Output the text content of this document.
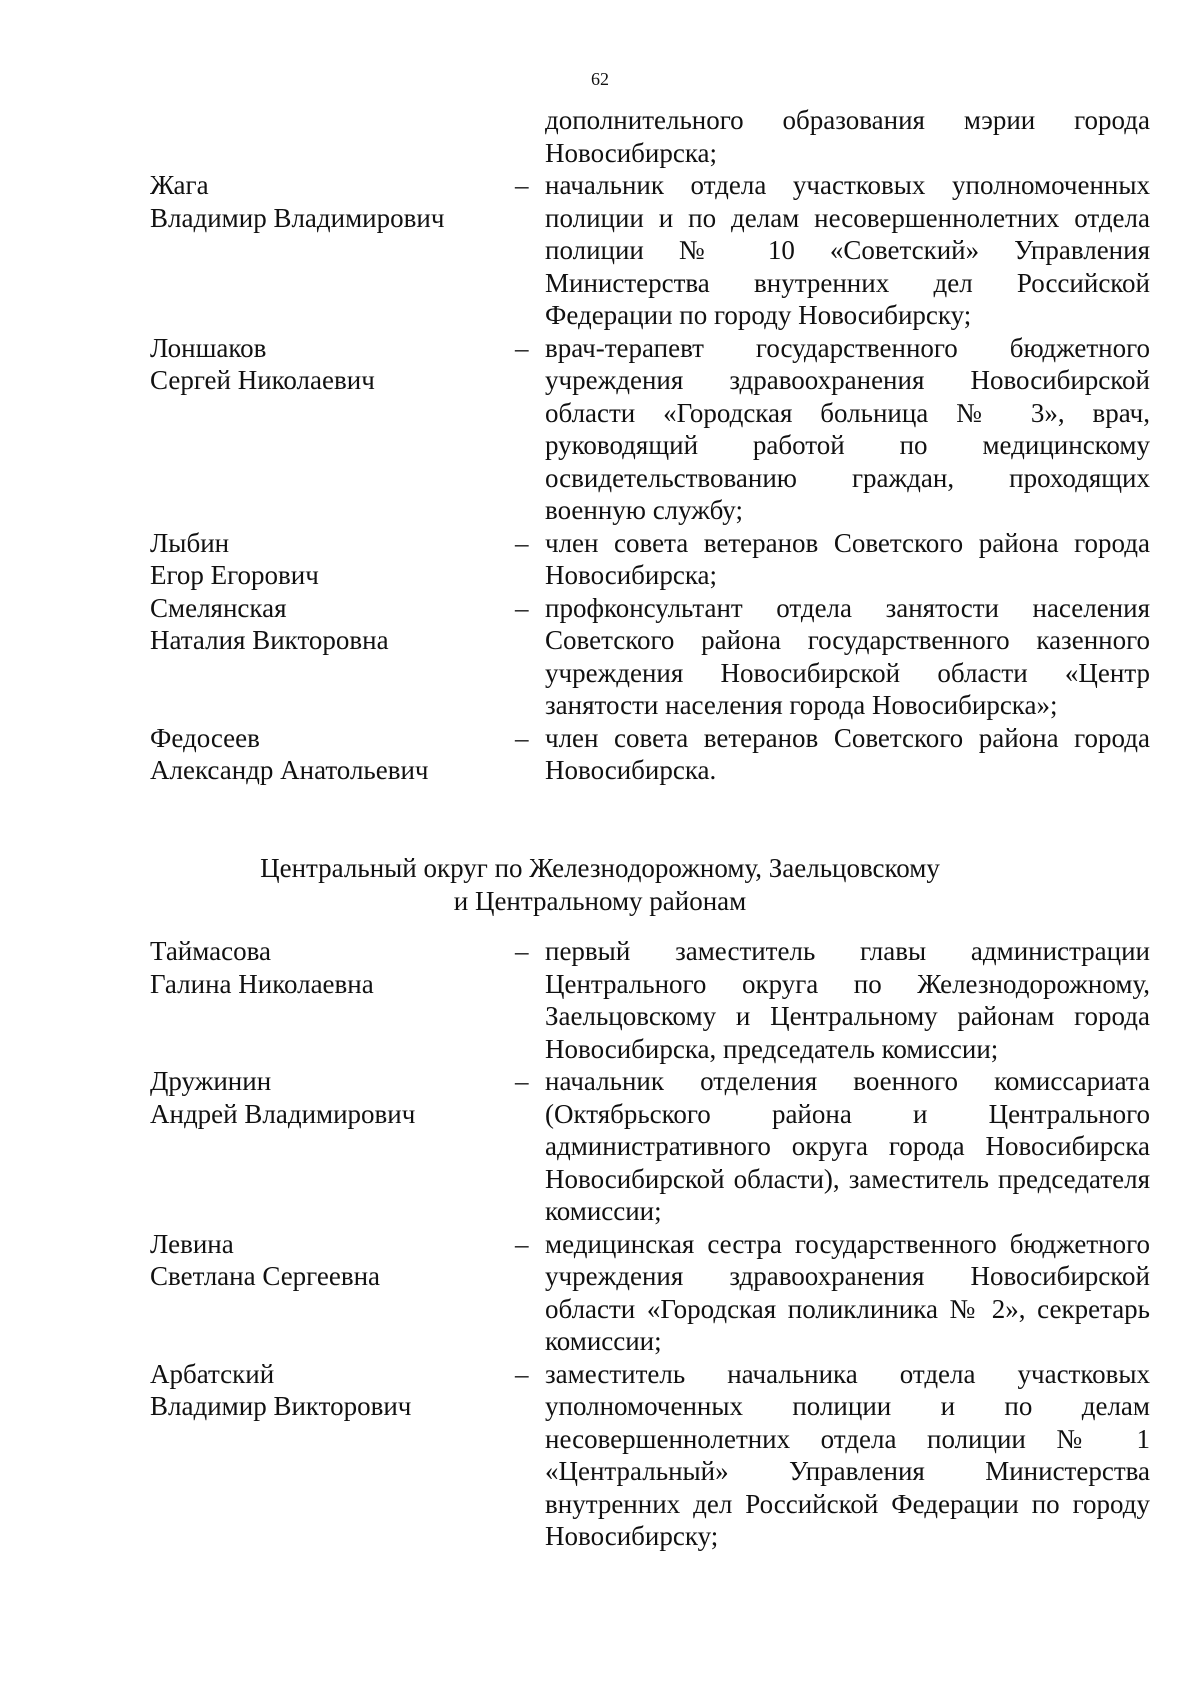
62
дополнительного образования мэрии города Новосибирска;
Жага
Владимир Владимирович
– начальник отдела участковых уполномоченных полиции и по делам несовершеннолетних отдела полиции № 10 «Советский» Управления Министерства внутренних дел Российской Федерации по городу Новосибирску;
Лоншаков
Сергей Николаевич
– врач-терапевт государственного бюджетного учреждения здравоохранения Новосибирской области «Городская больница № 3», врач, руководящий работой по медицинскому освидетельствованию граждан, проходящих военную службу;
Лыбин
Егор Егорович
– член совета ветеранов Советского района города Новосибирска;
Смелянская
Наталия Викторовна
– профконсультант отдела занятости населения Советского района государственного казенного учреждения Новосибирской области «Центр занятости населения города Новосибирска»;
Федосеев
Александр Анатольевич
– член совета ветеранов Советского района города Новосибирска.
Центральный округ по Железнодорожному, Заельцовскому
и Центральному районам
Таймасова
Галина Николаевна
– первый заместитель главы администрации Центрального округа по Железнодорожному, Заельцовскому и Центральному районам города Новосибирска, председатель комиссии;
Дружинин
Андрей Владимирович
– начальник отделения военного комиссариата (Октябрьского района и Центрального административного округа города Новосибирска Новосибирской области), заместитель председателя комиссии;
Левина
Светлана Сергеевна
– медицинская сестра государственного бюджетного учреждения здравоохранения Новосибирской области «Городская поликлиника № 2», секретарь комиссии;
Арбатский
Владимир Викторович
– заместитель начальника отдела участковых уполномоченных полиции и по делам несовершеннолетних отдела полиции № 1 «Центральный» Управления Министерства внутренних дел Российской Федерации по городу Новосибирску;
